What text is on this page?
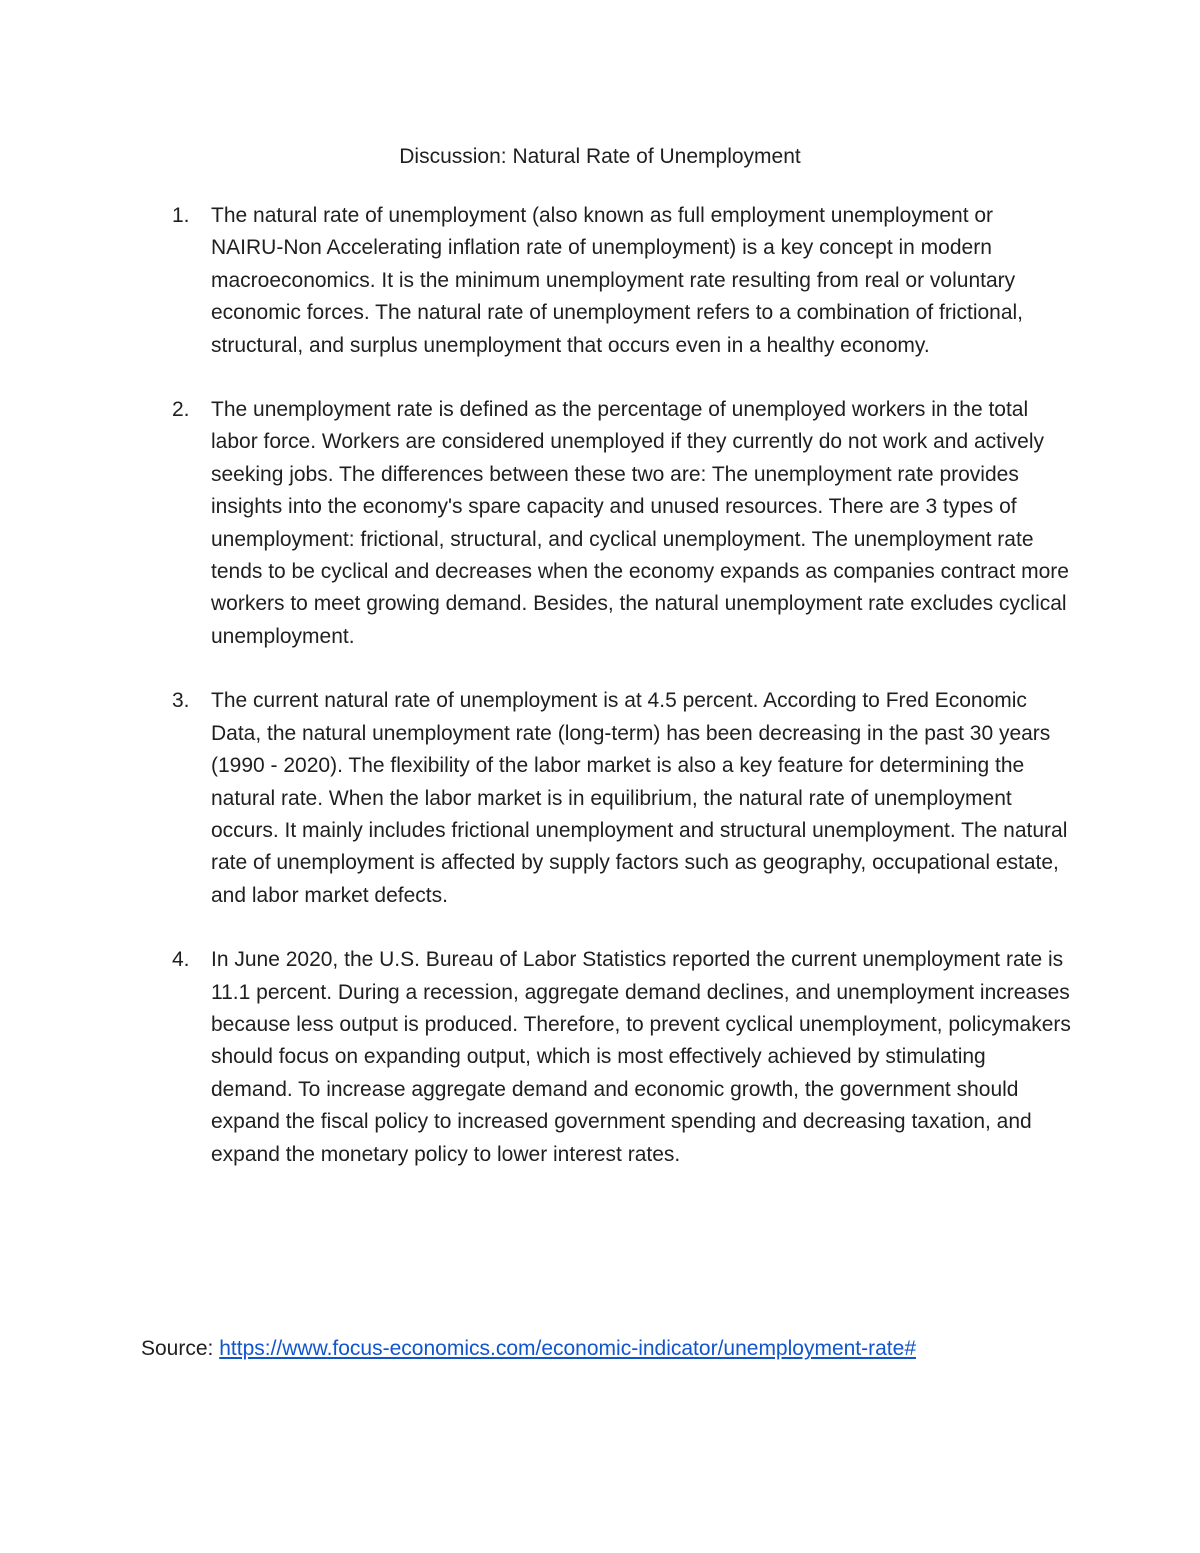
Discussion: Natural Rate of Unemployment
1. The natural rate of unemployment (also known as full employment unemployment or NAIRU-Non Accelerating inflation rate of unemployment) is a key concept in modern macroeconomics. It is the minimum unemployment rate resulting from real or voluntary economic forces. The natural rate of unemployment refers to a combination of frictional, structural, and surplus unemployment that occurs even in a healthy economy.
2. The unemployment rate is defined as the percentage of unemployed workers in the total labor force. Workers are considered unemployed if they currently do not work and actively seeking jobs. The differences between these two are: The unemployment rate provides insights into the economy's spare capacity and unused resources. There are 3 types of unemployment: frictional, structural, and cyclical unemployment. The unemployment rate tends to be cyclical and decreases when the economy expands as companies contract more workers to meet growing demand. Besides, the natural unemployment rate excludes cyclical unemployment.
3. The current natural rate of unemployment is at 4.5 percent. According to Fred Economic Data, the natural unemployment rate (long-term) has been decreasing in the past 30 years (1990 - 2020). The flexibility of the labor market is also a key feature for determining the natural rate. When the labor market is in equilibrium, the natural rate of unemployment occurs. It mainly includes frictional unemployment and structural unemployment. The natural rate of unemployment is affected by supply factors such as geography, occupational estate, and labor market defects.
4. In June 2020, the U.S. Bureau of Labor Statistics reported the current unemployment rate is 11.1 percent. During a recession, aggregate demand declines, and unemployment increases because less output is produced. Therefore, to prevent cyclical unemployment, policymakers should focus on expanding output, which is most effectively achieved by stimulating demand. To increase aggregate demand and economic growth, the government should expand the fiscal policy to increased government spending and decreasing taxation, and expand the monetary policy to lower interest rates.
Source: https://www.focus-economics.com/economic-indicator/unemployment-rate#
